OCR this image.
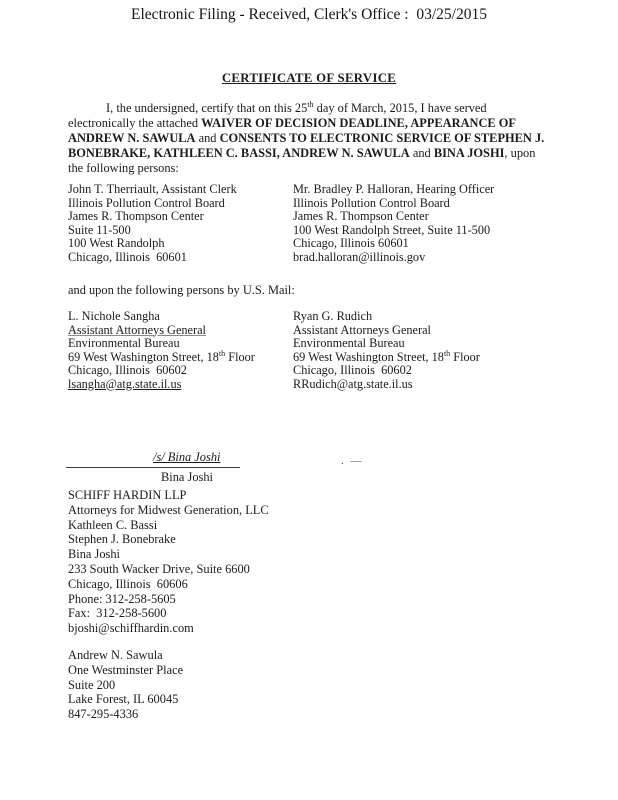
Electronic Filing - Received, Clerk's Office :  03/25/2015
CERTIFICATE OF SERVICE
I, the undersigned, certify that on this 25th day of March, 2015, I have served
electronically the attached WAIVER OF DECISION DEADLINE, APPEARANCE OF
ANDREW N. SAWULA and CONSENTS TO ELECTRONIC SERVICE OF STEPHEN J.
BONEBRAKE, KATHLEEN C. BASSI, ANDREW N. SAWULA and BINA JOSHI, upon
the following persons:
John T. Therriault, Assistant Clerk
Illinois Pollution Control Board
James R. Thompson Center
Suite 11-500
100 West Randolph
Chicago, Illinois  60601
Mr. Bradley P. Halloran, Hearing Officer
Illinois Pollution Control Board
James R. Thompson Center
100 West Randolph Street, Suite 11-500
Chicago, Illinois 60601
brad.halloran@illinois.gov
and upon the following persons by U.S. Mail:
L. Nichole Sangha
Assistant Attorneys General
Environmental Bureau
69 West Washington Street, 18th Floor
Chicago, Illinois  60602
lsangha@atg.state.il.us
Ryan G. Rudich
Assistant Attorneys General
Environmental Bureau
69 West Washington Street, 18th Floor
Chicago, Illinois  60602
RRudich@atg.state.il.us
/s/ Bina Joshi	. —
Bina Joshi
SCHIFF HARDIN LLP
Attorneys for Midwest Generation, LLC
Kathleen C. Bassi
Stephen J. Bonebrake
Bina Joshi
233 South Wacker Drive, Suite 6600
Chicago, Illinois  60606
Phone: 312-258-5605
Fax:  312-258-5600
bjoshi@schiffhardin.com
Andrew N. Sawula
One Westminster Place
Suite 200
Lake Forest, IL 60045
847-295-4336
